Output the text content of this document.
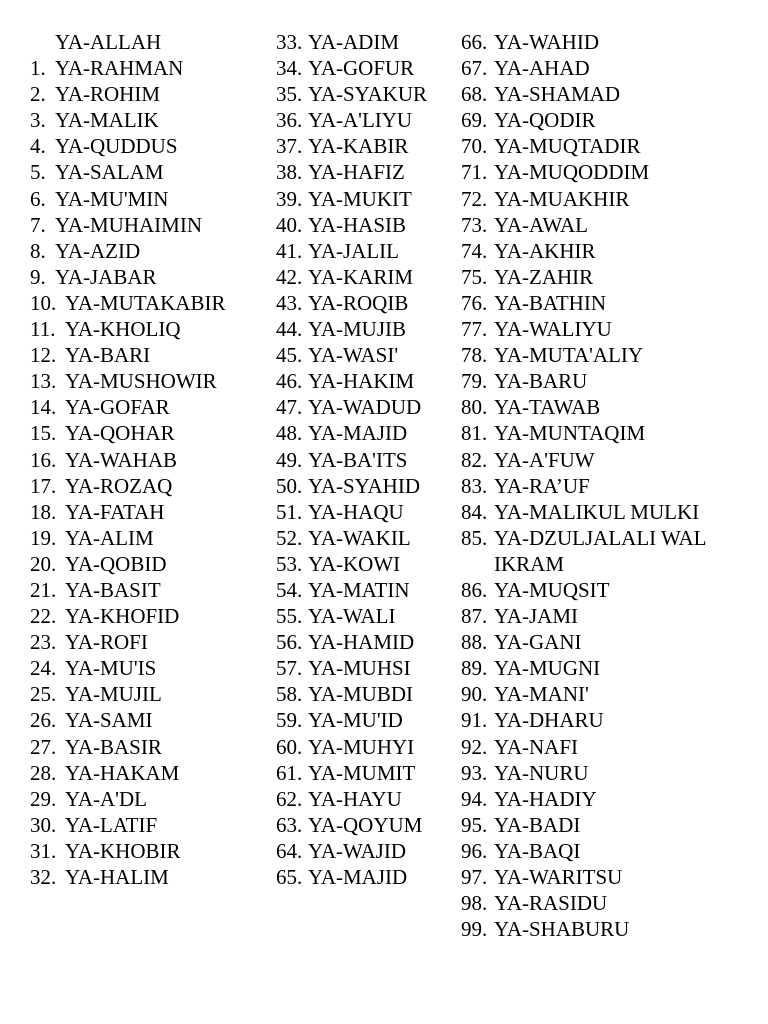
YA-ALLAH
1. YA-RAHMAN
2. YA-ROHIM
3. YA-MALIK
4. YA-QUDDUS
5. YA-SALAM
6. YA-MU'MIN
7. YA-MUHAIMIN
8. YA-AZID
9. YA-JABAR
10. YA-MUTAKABIR
11. YA-KHOLIQ
12. YA-BARI
13. YA-MUSHOWIR
14. YA-GOFAR
15. YA-QOHAR
16. YA-WAHAB
17. YA-ROZAQ
18. YA-FATAH
19. YA-ALIM
20. YA-QOBID
21. YA-BASIT
22. YA-KHOFID
23. YA-ROFI
24. YA-MU'IS
25. YA-MUJIL
26. YA-SAMI
27. YA-BASIR
28. YA-HAKAM
29. YA-A'DL
30. YA-LATIF
31. YA-KHOBIR
32. YA-HALIM
33. YA-ADIM
34. YA-GOFUR
35. YA-SYAKUR
36. YA-A'LIYU
37. YA-KABIR
38. YA-HAFIZ
39. YA-MUKIT
40. YA-HASIB
41. YA-JALIL
42. YA-KARIM
43. YA-ROQIB
44. YA-MUJIB
45. YA-WASI'
46. YA-HAKIM
47. YA-WADUD
48. YA-MAJID
49. YA-BA'ITS
50. YA-SYAHID
51. YA-HAQU
52. YA-WAKIL
53. YA-KOWI
54. YA-MATIN
55. YA-WALI
56. YA-HAMID
57. YA-MUHSI
58. YA-MUBDI
59. YA-MU'ID
60. YA-MUHYI
61. YA-MUMIT
62. YA-HAYU
63. YA-QOYUM
64. YA-WAJID
65. YA-MAJID
66. YA-WAHID
67. YA-AHAD
68. YA-SHAMAD
69. YA-QODIR
70. YA-MUQTADIR
71. YA-MUQODDIM
72. YA-MUAKHIR
73. YA-AWAL
74. YA-AKHIR
75. YA-ZAHIR
76. YA-BATHIN
77. YA-WALIYU
78. YA-MUTA'ALIY
79. YA-BARU
80. YA-TAWAB
81. YA-MUNTAQIM
82. YA-A'FUW
83. YA-RA’UF
84. YA-MALIKUL MULKI
85. YA-DZULJALALI WAL IKRAM
86. YA-MUQSIT
87. YA-JAMI
88. YA-GANI
89. YA-MUGNI
90. YA-MANI'
91. YA-DHARU
92. YA-NAFI
93. YA-NURU
94. YA-HADIY
95. YA-BADI
96. YA-BAQI
97. YA-WARITSU
98. YA-RASIDU
99. YA-SHABURU
